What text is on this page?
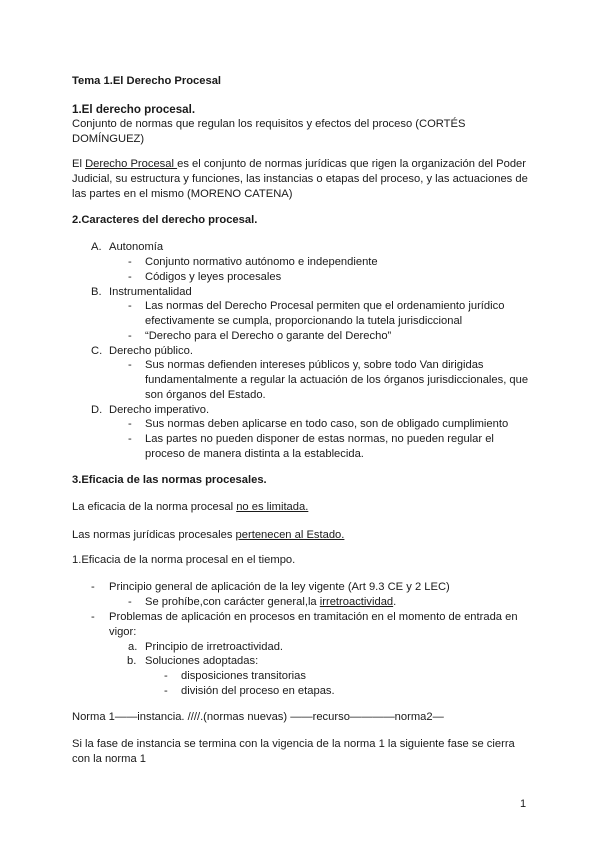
Tema 1.El Derecho Procesal

1.El derecho procesal.

Conjunto de normas que regulan los requisitos y efectos del proceso (CORTÉS DOMÍNGUEZ)

El Derecho Procesal es el conjunto de normas jurídicas que rigen la organización del Poder Judicial, su estructura y funciones, las instancias o etapas del proceso, y las actuaciones de las partes en el mismo (MORENO CATENA)

2.Caracteres del derecho procesal.

A. Autonomía
- Conjunto normativo autónomo e independiente
- Códigos y leyes procesales
B. Instrumentalidad
- Las normas del Derecho Procesal permiten que el ordenamiento jurídico efectivamente se cumpla, proporcionando la tutela jurisdiccional
- “Derecho para el Derecho o garante del Derecho”
C. Derecho público.
- Sus normas defienden intereses públicos y, sobre todo Van dirigidas fundamentalmente a regular la actuación de los órganos jurisdiccionales, que son órganos del Estado.
D. Derecho imperativo.
- Sus normas deben aplicarse en todo caso, son de obligado cumplimiento
- Las partes no pueden disponer de estas normas, no pueden regular el proceso de manera distinta a la establecida.

3.Eficacia de las normas procesales.

La eficacia de la norma procesal no es limitada.

Las normas jurídicas procesales pertenecen al Estado.

1.Eficacia de la norma procesal en el tiempo.

- Principio general de aplicación de la ley vigente (Art 9.3 CE y 2 LEC)
- Se prohíbe,con carácter general,la irretroactividad.
- Problemas de aplicación en procesos en tramitación en el momento de entrada en vigor:
a. Principio de irretroactividad.
b. Soluciones adoptadas:
- disposiciones transitorias
- división del proceso en etapas.

Norma 1——instancia. ////.(normas nuevas) ——recurso————norma2—

Si la fase de instancia se termina con la vigencia de la norma 1 la siguiente fase se cierra con la norma 1

1
